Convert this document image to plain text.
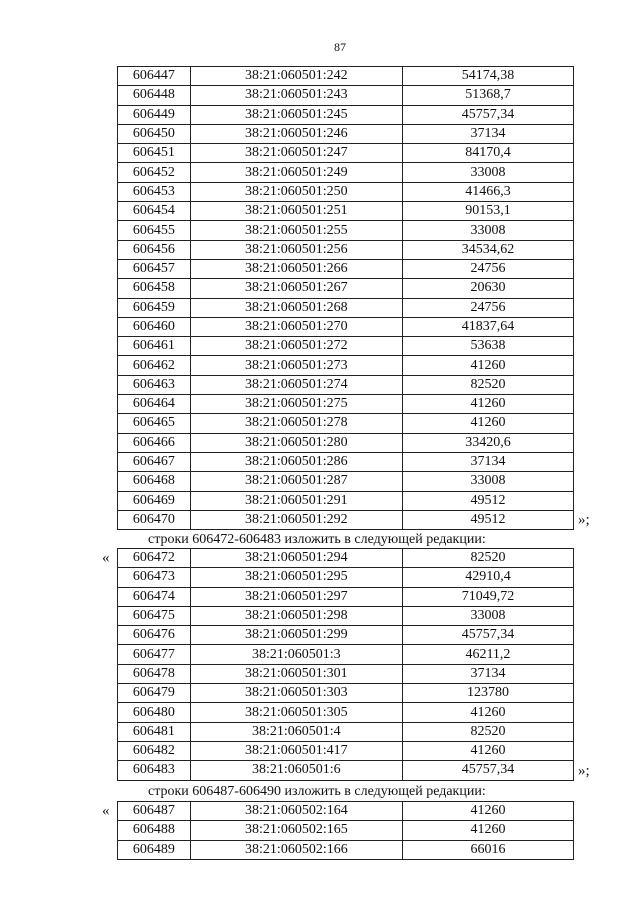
87
606447	38:21:060501:242	54174,38
606448	38:21:060501:243	51368,7
606449	38:21:060501:245	45757,34
606450	38:21:060501:246	37134
606451	38:21:060501:247	84170,4
606452	38:21:060501:249	33008
606453	38:21:060501:250	41466,3
606454	38:21:060501:251	90153,1
606455	38:21:060501:255	33008
606456	38:21:060501:256	34534,62
606457	38:21:060501:266	24756
606458	38:21:060501:267	20630
606459	38:21:060501:268	24756
606460	38:21:060501:270	41837,64
606461	38:21:060501:272	53638
606462	38:21:060501:273	41260
606463	38:21:060501:274	82520
606464	38:21:060501:275	41260
606465	38:21:060501:278	41260
606466	38:21:060501:280	33420,6
606467	38:21:060501:286	37134
606468	38:21:060501:287	33008
606469	38:21:060501:291	49512
606470	38:21:060501:292	49512	»;
строки 606472-606483 изложить в следующей редакции:
« 606472	38:21:060501:294	82520
606473	38:21:060501:295	42910,4
606474	38:21:060501:297	71049,72
606475	38:21:060501:298	33008
606476	38:21:060501:299	45757,34
606477	38:21:060501:3	46211,2
606478	38:21:060501:301	37134
606479	38:21:060501:303	123780
606480	38:21:060501:305	41260
606481	38:21:060501:4	82520
606482	38:21:060501:417	41260
606483	38:21:060501:6	45757,34	»;
строки 606487-606490 изложить в следующей редакции:
« 606487	38:21:060502:164	41260
606488	38:21:060502:165	41260
606489	38:21:060502:166	66016
